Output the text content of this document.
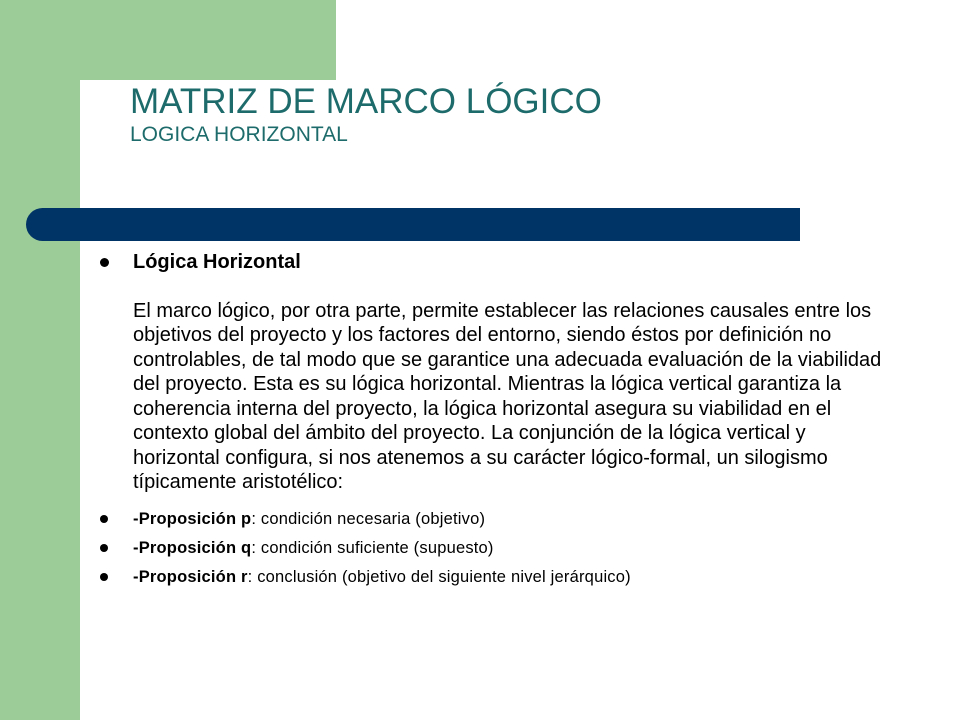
MATRIZ DE MARCO LÓGICO
LOGICA HORIZONTAL
Lógica Horizontal
El marco lógico, por otra parte, permite establecer las relaciones causales entre los objetivos del proyecto y los factores del entorno, siendo éstos por definición no controlables, de tal modo que se garantice una adecuada evaluación de la viabilidad del proyecto. Esta es su lógica horizontal. Mientras la lógica vertical garantiza la coherencia interna del proyecto, la lógica horizontal asegura su viabilidad en el contexto global del ámbito del proyecto. La conjunción de la lógica vertical y horizontal configura, si nos atenemos a su carácter lógico-formal, un silogismo típicamente aristotélico:
-Proposición p: condición necesaria (objetivo)
-Proposición q: condición suficiente (supuesto)
-Proposición r: conclusión (objetivo del siguiente nivel jerárquico)
